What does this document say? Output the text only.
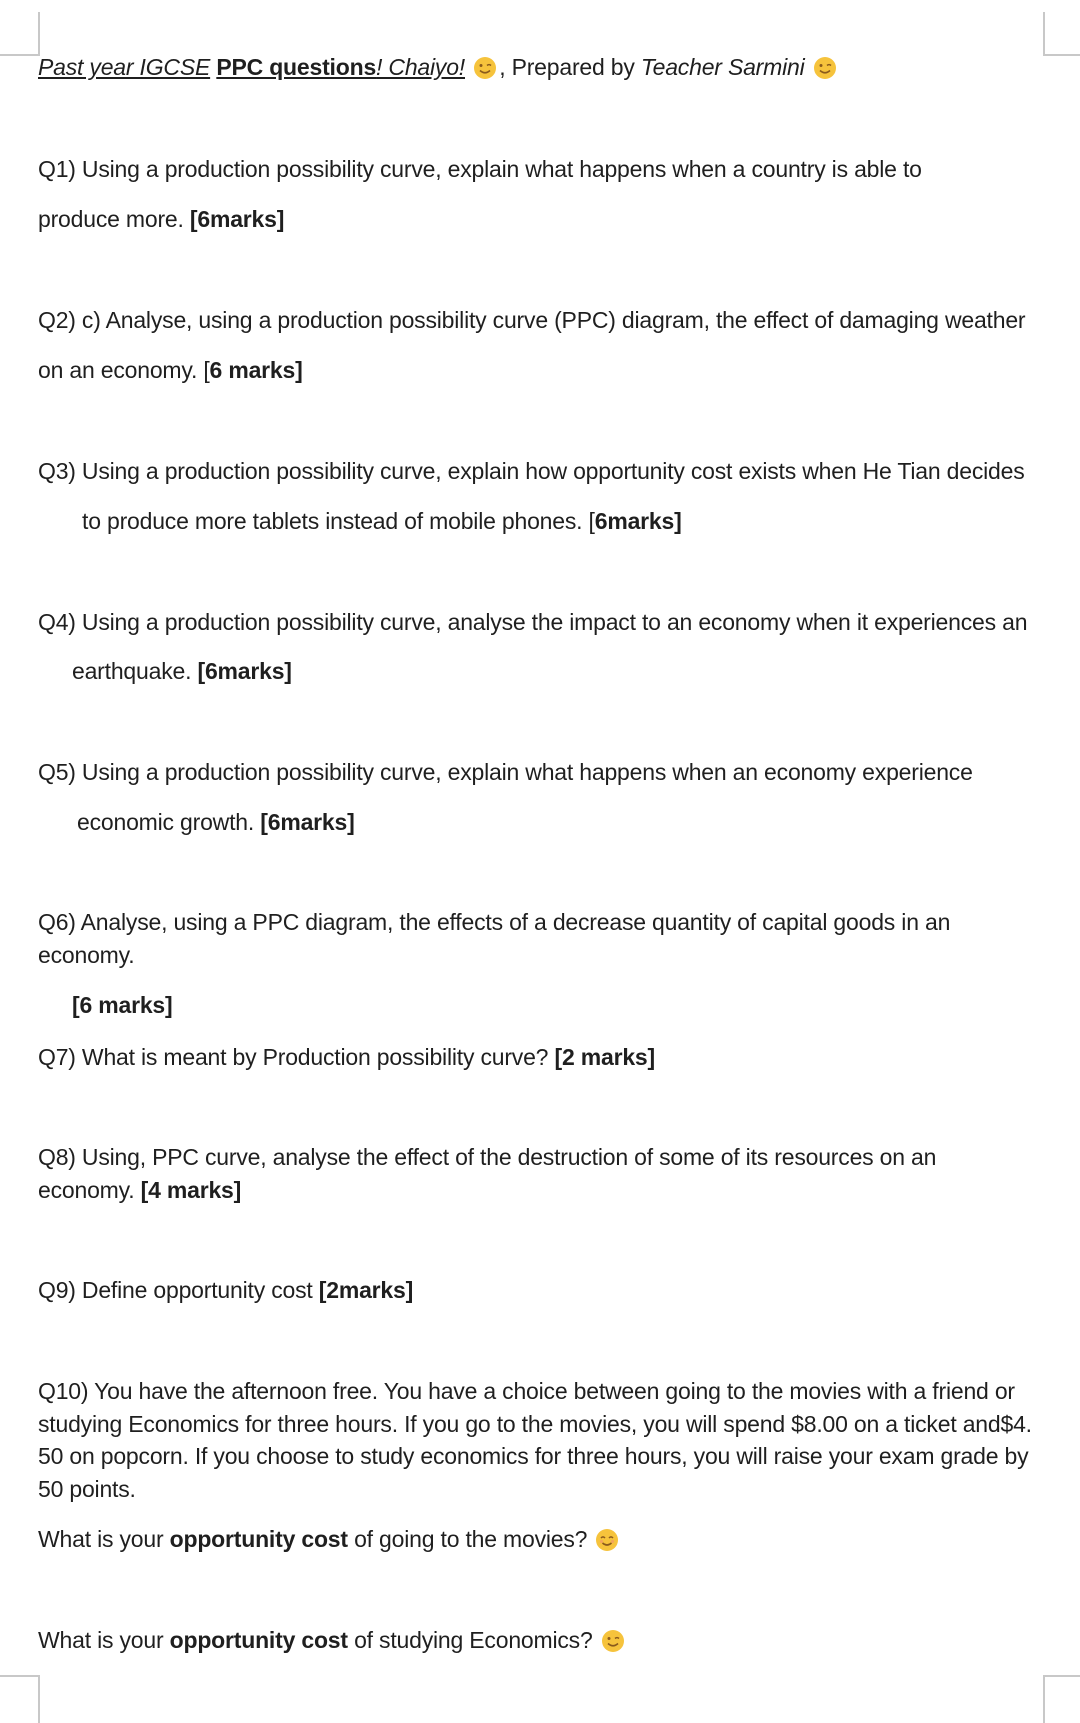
Past year IGCSE PPC questions! Chaiyo! , Prepared by Teacher Sarmini
Q1) Using a production possibility curve, explain what happens when a country is able to
produce more. [6marks]
Q2) c) Analyse, using a production possibility curve (PPC) diagram, the effect of damaging weather
on an economy. [6 marks]
Q3) Using a production possibility curve, explain how opportunity cost exists when He Tian decides
to produce more tablets instead of mobile phones. [6marks]
Q4) Using a production possibility curve, analyse the impact to an economy when it experiences an
earthquake. [6marks]
Q5) Using a production possibility curve, explain what happens when an economy experience
economic growth. [6marks]
Q6) Analyse, using a PPC diagram, the effects of a decrease quantity of capital goods in an
economy.
[6 marks]
Q7) What is meant by Production possibility curve? [2 marks]
Q8) Using, PPC curve, analyse the effect of the destruction of some of its resources on an
economy. [4 marks]
Q9) Define opportunity cost [2marks]
Q10) You have the afternoon free. You have a choice between going to the movies with a friend or
studying Economics for three hours. If you go to the movies, you will spend $8.00 on a ticket and$4.
50 on popcorn. If you choose to study economics for three hours, you will raise your exam grade by
50 points.
What is your opportunity cost of going to the movies?
What is your opportunity cost of studying Economics?
